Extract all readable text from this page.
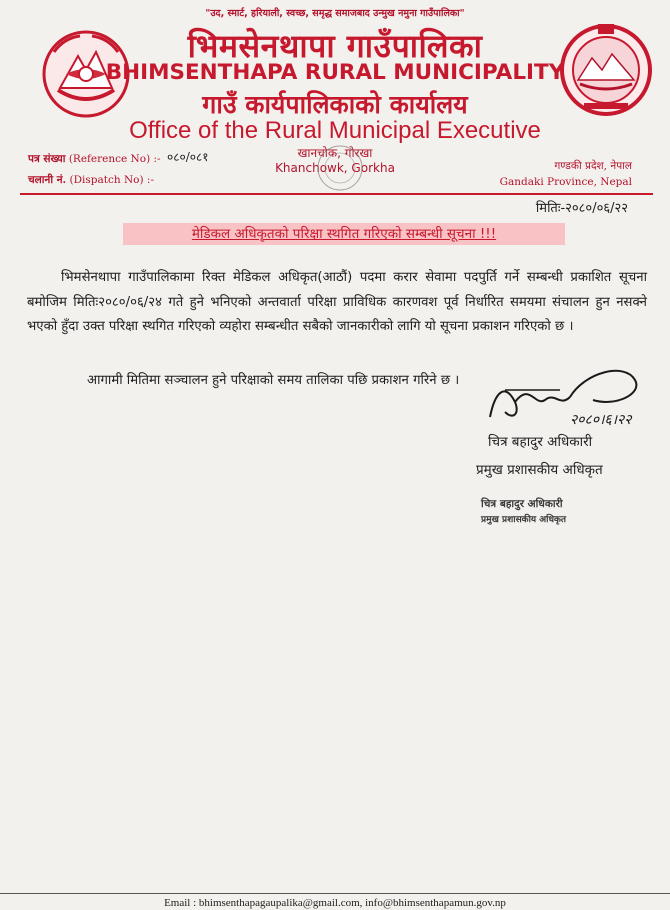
"उद, स्मार्ट, हरियाली, स्वच्छ, समृद्ध समाजबाद उन्मुख नमुना गाउँपालिका"
भिमसेनथापा गाउँपालिका
BHIMSENTHAPA RURAL MUNICIPALITY
गाउँ कार्यपालिकाको कार्यालय
Office of the Rural Municipal Executive
खानचोक, गोरखा
Khanchowk, Gorkha
पत्र संख्या (Reference No) :- ०८०/०८१
चलानी नं. (Dispatch No) :-
गण्डकी प्रदेश, नेपाल
Gandaki Province, Nepal
मितिः-२०८०/०६/२२
मेडिकल अधिकृतको परिक्षा स्थगित गरिएको सम्बन्धी सूचना !!!
भिमसेनथापा गाउँपालिकामा रिक्त मेडिकल अधिकृत(आठौं) पदमा करार सेवामा पदपुर्ति गर्ने सम्बन्धी प्रकाशित सूचना बमोजिम मितिः२०८०/०६/२४ गते हुने भनिएको अन्तवार्ता परिक्षा प्राविधिक कारणवश पूर्व निर्धारित समयमा संचालन हुन नसक्ने भएको हुँदा उक्त परिक्षा स्थगित गरिएको व्यहोरा सम्बन्धीत सबैको जानकारीको लागि यो सूचना प्रकाशन गरिएको छ ।
आगामी मितिमा सञ्चालन हुने परिक्षाको समय तालिका पछि प्रकाशन गरिने छ ।
२०८०।६।२२
चित्र बहादुर अधिकारी
प्रमुख प्रशासकीय अधिकृत
चित्र बहादुर अधिकारी
प्रमुख प्रशासकीय अधिकृत
Email : bhimsenthapagaupalika@gmail.com, info@bhimsenthapamun.gov.np
